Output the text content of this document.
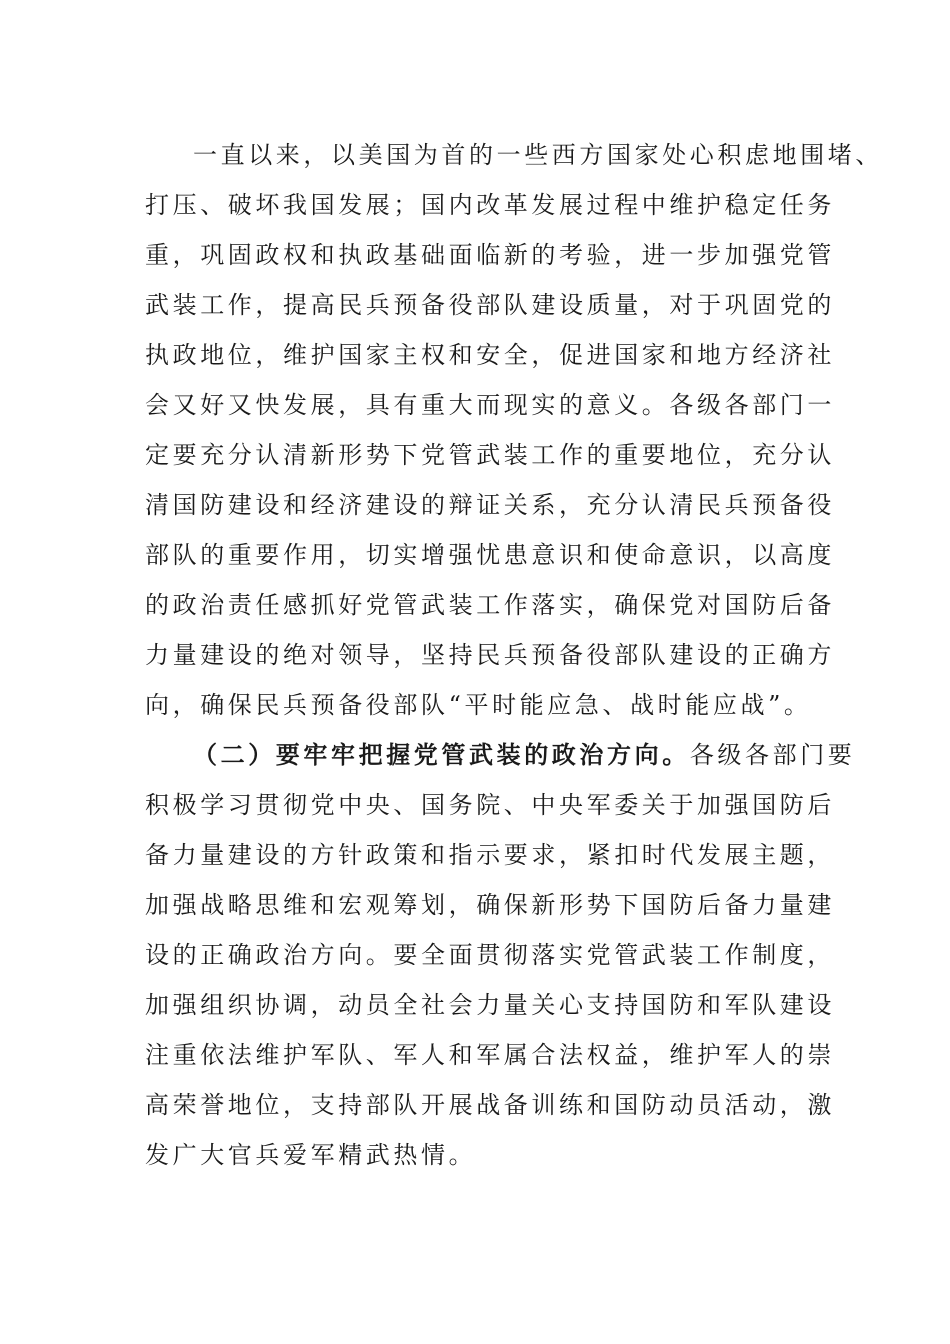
一直以来，以美国为首的一些西方国家处心积虑地围堵、
打压、破坏我国发展；国内改革发展过程中维护稳定任务
重，巩固政权和执政基础面临新的考验，进一步加强党管
武装工作，提高民兵预备役部队建设质量，对于巩固党的
执政地位，维护国家主权和安全，促进国家和地方经济社
会又好又快发展，具有重大而现实的意义。各级各部门一
定要充分认清新形势下党管武装工作的重要地位，充分认
清国防建设和经济建设的辩证关系，充分认清民兵预备役
部队的重要作用，切实增强忧患意识和使命意识，以高度
的政治责任感抓好党管武装工作落实，确保党对国防后备
力量建设的绝对领导，坚持民兵预备役部队建设的正确方
向，确保民兵预备役部队“平时能应急、战时能应战”。
（二）要牢牢把握党管武装的政治方向。各级各部门要
积极学习贯彻党中央、国务院、中央军委关于加强国防后
备力量建设的方针政策和指示要求，紧扣时代发展主题，
加强战略思维和宏观筹划，确保新形势下国防后备力量建
设的正确政治方向。要全面贯彻落实党管武装工作制度，
加强组织协调，动员全社会力量关心支持国防和军队建设
注重依法维护军队、军人和军属合法权益，维护军人的崇
高荣誉地位，支持部队开展战备训练和国防动员活动，激
发广大官兵爱军精武热情。
